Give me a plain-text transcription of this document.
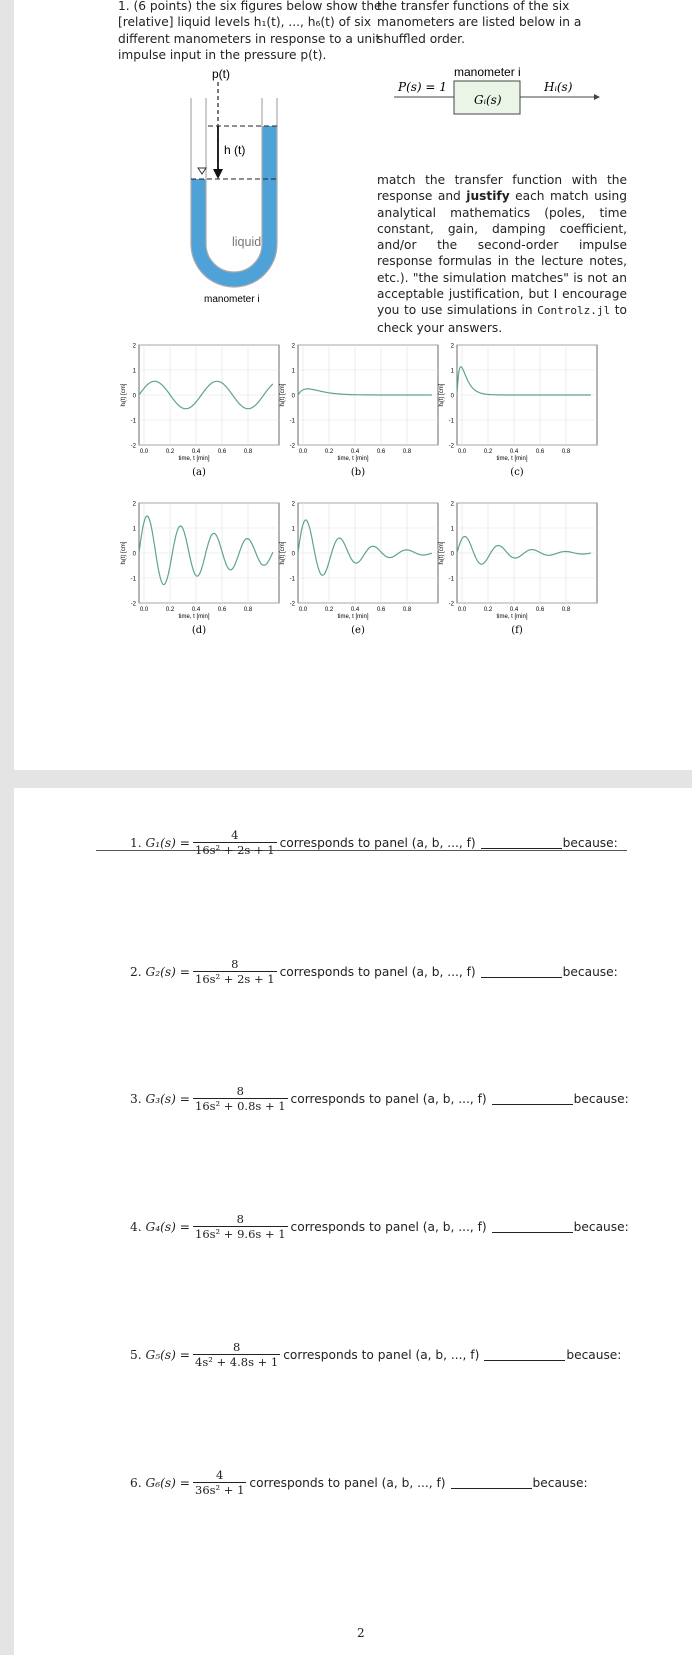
1. (6 points) the six figures below show the [relative] liquid levels h₁(t), ..., h₆(t) of six different manometers in response to a unit impulse input in the pressure p(t).
the transfer functions of the six manometers are listed below in a shuffled order.
p(t)
h (t)
liquid
manometer i
manometer i
Gᵢ(s)
P(s) = 1	Hᵢ(s)
match the transfer function with the response and justify each match using analytical mathematics (poles, time constant, gain, damping coefficient, and/or the second-order impulse response formulas in the lecture notes, etc.). "the simulation matches" is not an acceptable justification, but I encourage you to use simulations in Controlz.jl to check your answers.
2
1
0
-1
-2
0.0	0.2	0.4	0.6	0.8
time, t [min]
hᵢ(t) [cm]
(a)
2
1
0
-1
-2
0.0	0.2	0.4	0.6	0.8
time, t [min]
hᵢ(t) [cm]
(b)
2
1
0
-1
-2
0.0	0.2	0.4	0.6	0.8
time, t [min]
hᵢ(t) [cm]
(c)
2
1
0
-1
-2
0.0	0.2	0.4	0.6	0.8
time, t [min]
hᵢ(t) [cm]
(d)
2
1
0
-1
-2
0.0	0.2	0.4	0.6	0.8
time, t [min]
hᵢ(t) [cm]
(e)
2
1
0
-1
-2
0.0	0.2	0.4	0.6	0.8
time, t [min]
hᵢ(t) [cm]
(f)
1.
$G_1(s) = \frac{4}{\text{16s² + 2s + 1}}$ corresponds to panel (a, b, ..., f)	because:
2.
$G_2(s) = \frac{8}{\text{16s² + 2s + 1}}$ corresponds to panel (a, b, ..., f)	because:
3.
$G_3(s) = \frac{8}{\text{16s² + 0.8s + 1}}$ corresponds to panel (a, b, ..., f)	because:
4.
$G_4(s) = \frac{8}{\text{16s² + 9.6s + 1}}$ corresponds to panel (a, b, ..., f)	because:
5.
$G_5(s) = \frac{8}{\text{4s² + 4.8s + 1}}$ corresponds to panel (a, b, ..., f)	because:
6.
$G_6(s) = \frac{4}{\text{36s² + 1}}$ corresponds to panel (a, b, ..., f)	because:
2
